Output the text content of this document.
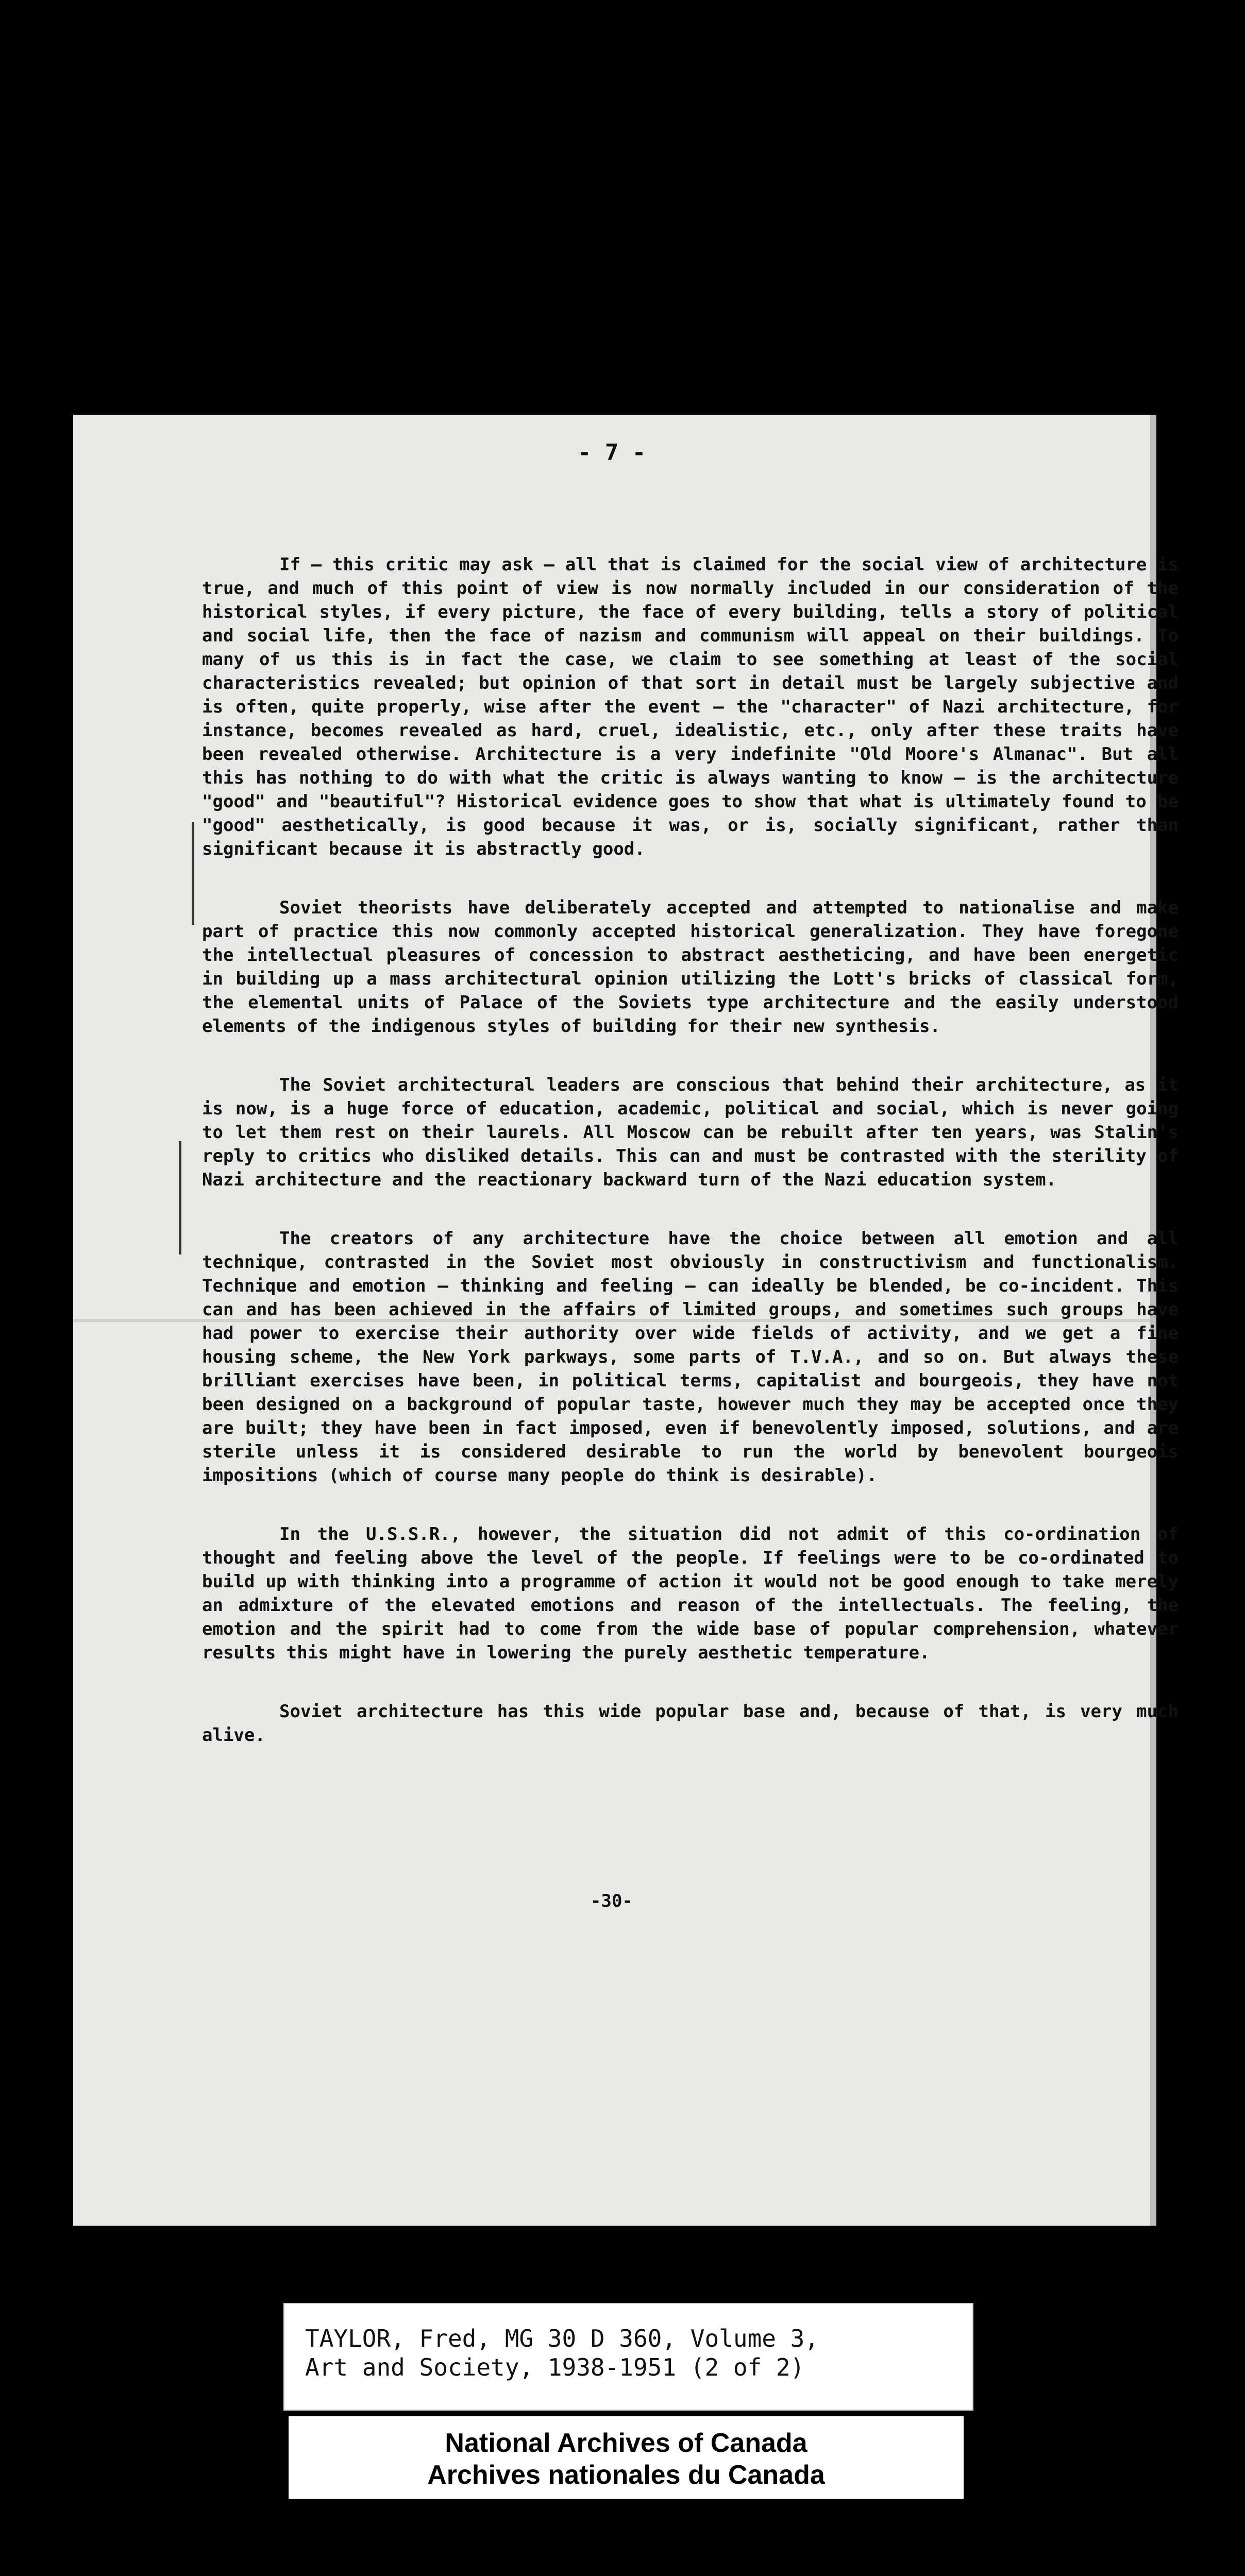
- 7 -

If — this critic may ask — all that is claimed for the social view of architecture is true, and much of this point of view is now normally included in our consideration of the historical styles, if every picture, the face of every building, tells a story of political and social life, then the face of nazism and communism will appeal on their buildings. To many of us this is in fact the case, we claim to see something at least of the social characteristics revealed; but opinion of that sort in detail must be largely subjective and is often, quite properly, wise after the event — the "character" of Nazi architecture, for instance, becomes revealed as hard, cruel, idealistic, etc., only after these traits have been revealed otherwise. Architecture is a very indefinite "Old Moore's Almanac". But all this has nothing to do with what the critic is always wanting to know — is the architecture "good" and "beautiful"? Historical evidence goes to show that what is ultimately found to be "good" aesthetically, is good because it was, or is, socially significant, rather than significant because it is abstractly good.

Soviet theorists have deliberately accepted and attempted to nationalise and make part of practice this now commonly accepted historical generalization. They have foregone the intellectual pleasures of concession to abstract aestheticing, and have been energetic in building up a mass architectural opinion utilizing the Lott's bricks of classical form, the elemental units of Palace of the Soviets type architecture and the easily understood elements of the indigenous styles of building for their new synthesis.

The Soviet architectural leaders are conscious that behind their architecture, as it is now, is a huge force of education, academic, political and social, which is never going to let them rest on their laurels. All Moscow can be rebuilt after ten years, was Stalin's reply to critics who disliked details. This can and must be contrasted with the sterility of Nazi architecture and the reactionary backward turn of the Nazi education system.

The creators of any architecture have the choice between all emotion and all technique, contrasted in the Soviet most obviously in constructivism and functionalism. Technique and emotion — thinking and feeling — can ideally be blended, be co-incident. This can and has been achieved in the affairs of limited groups, and sometimes such groups have had power to exercise their authority over wide fields of activity, and we get a fine housing scheme, the New York parkways, some parts of T.V.A., and so on. But always these brilliant exercises have been, in political terms, capitalist and bourgeois, they have not been designed on a background of popular taste, however much they may be accepted once they are built; they have been in fact imposed, even if benevolently imposed, solutions, and are sterile unless it is considered desirable to run the world by benevolent bourgeois impositions (which of course many people do think is desirable).

In the U.S.S.R., however, the situation did not admit of this co-ordination of thought and feeling above the level of the people. If feelings were to be co-ordinated to build up with thinking into a programme of action it would not be good enough to take merely an admixture of the elevated emotions and reason of the intellectuals. The feeling, the emotion and the spirit had to come from the wide base of popular comprehension, whatever results this might have in lowering the purely aesthetic temperature.

Soviet architecture has this wide popular base and, because of that, is very much alive.

-30-
TAYLOR, Fred, MG 30 D 360, Volume 3,
Art and Society, 1938-1951 (2 of 2)
National Archives of Canada
Archives nationales du Canada
